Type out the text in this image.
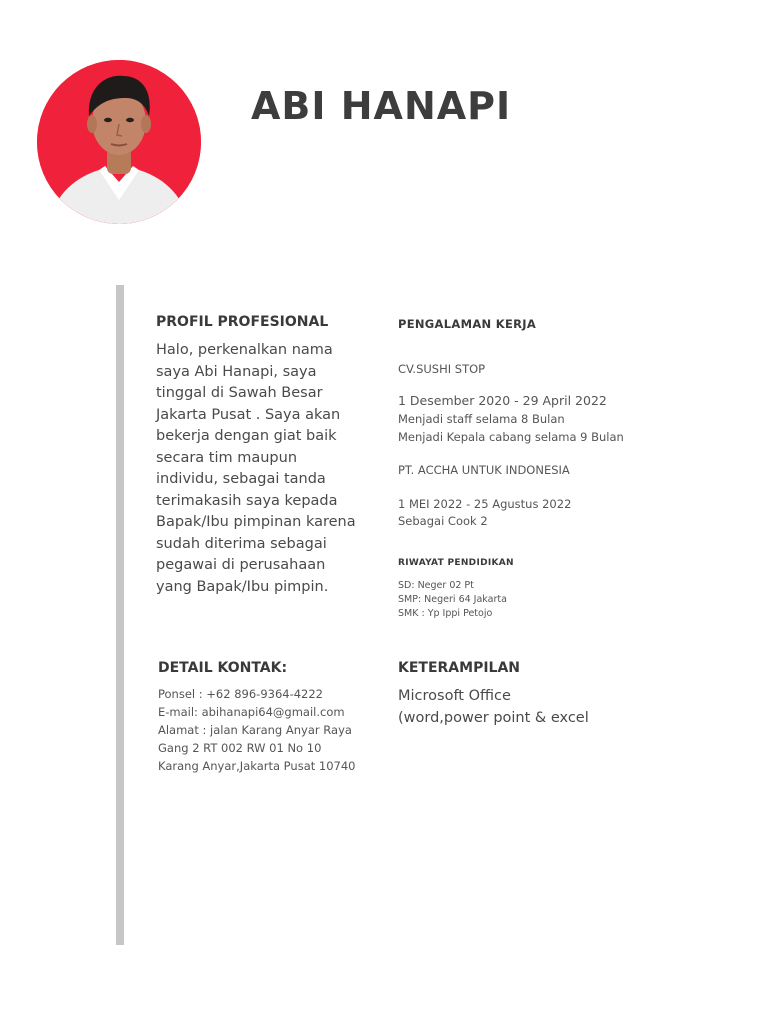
ABI HANAPI
PROFIL PROFESIONAL

Halo, perkenalkan nama

saya Abi Hanapi, saya

tinggal di Sawah Besar

Jakarta Pusat . Saya akan

bekerja dengan giat baik

secara tim maupun

individu, sebagai tanda

terimakasih saya kepada

Bapak/Ibu pimpinan karena

sudah diterima sebagai

pegawai di perusahaan

yang Bapak/Ibu pimpin.

PENGALAMAN KERJA

CV.SUSHI STOP

1 Desember 2020 - 29 April 2022

Menjadi staff selama 8 Bulan

Menjadi Kepala cabang selama 9 Bulan

PT. ACCHA UNTUK INDONESIA

1 MEI 2022 - 25 Agustus 2022

Sebagai Cook 2

RIWAYAT PENDIDIKAN

SD: Neger 02 Pt

SMP: Negeri 64 Jakarta

SMK : Yp Ippi Petojo

DETAIL KONTAK:

Ponsel : +62 896-9364-4222

E-mail: abihanapi64@gmail.com

Alamat : jalan Karang Anyar Raya

Gang 2 RT 002 RW 01 No 10

Karang Anyar,Jakarta Pusat 10740

KETERAMPILAN

Microsoft Office

(word,power point & excel
